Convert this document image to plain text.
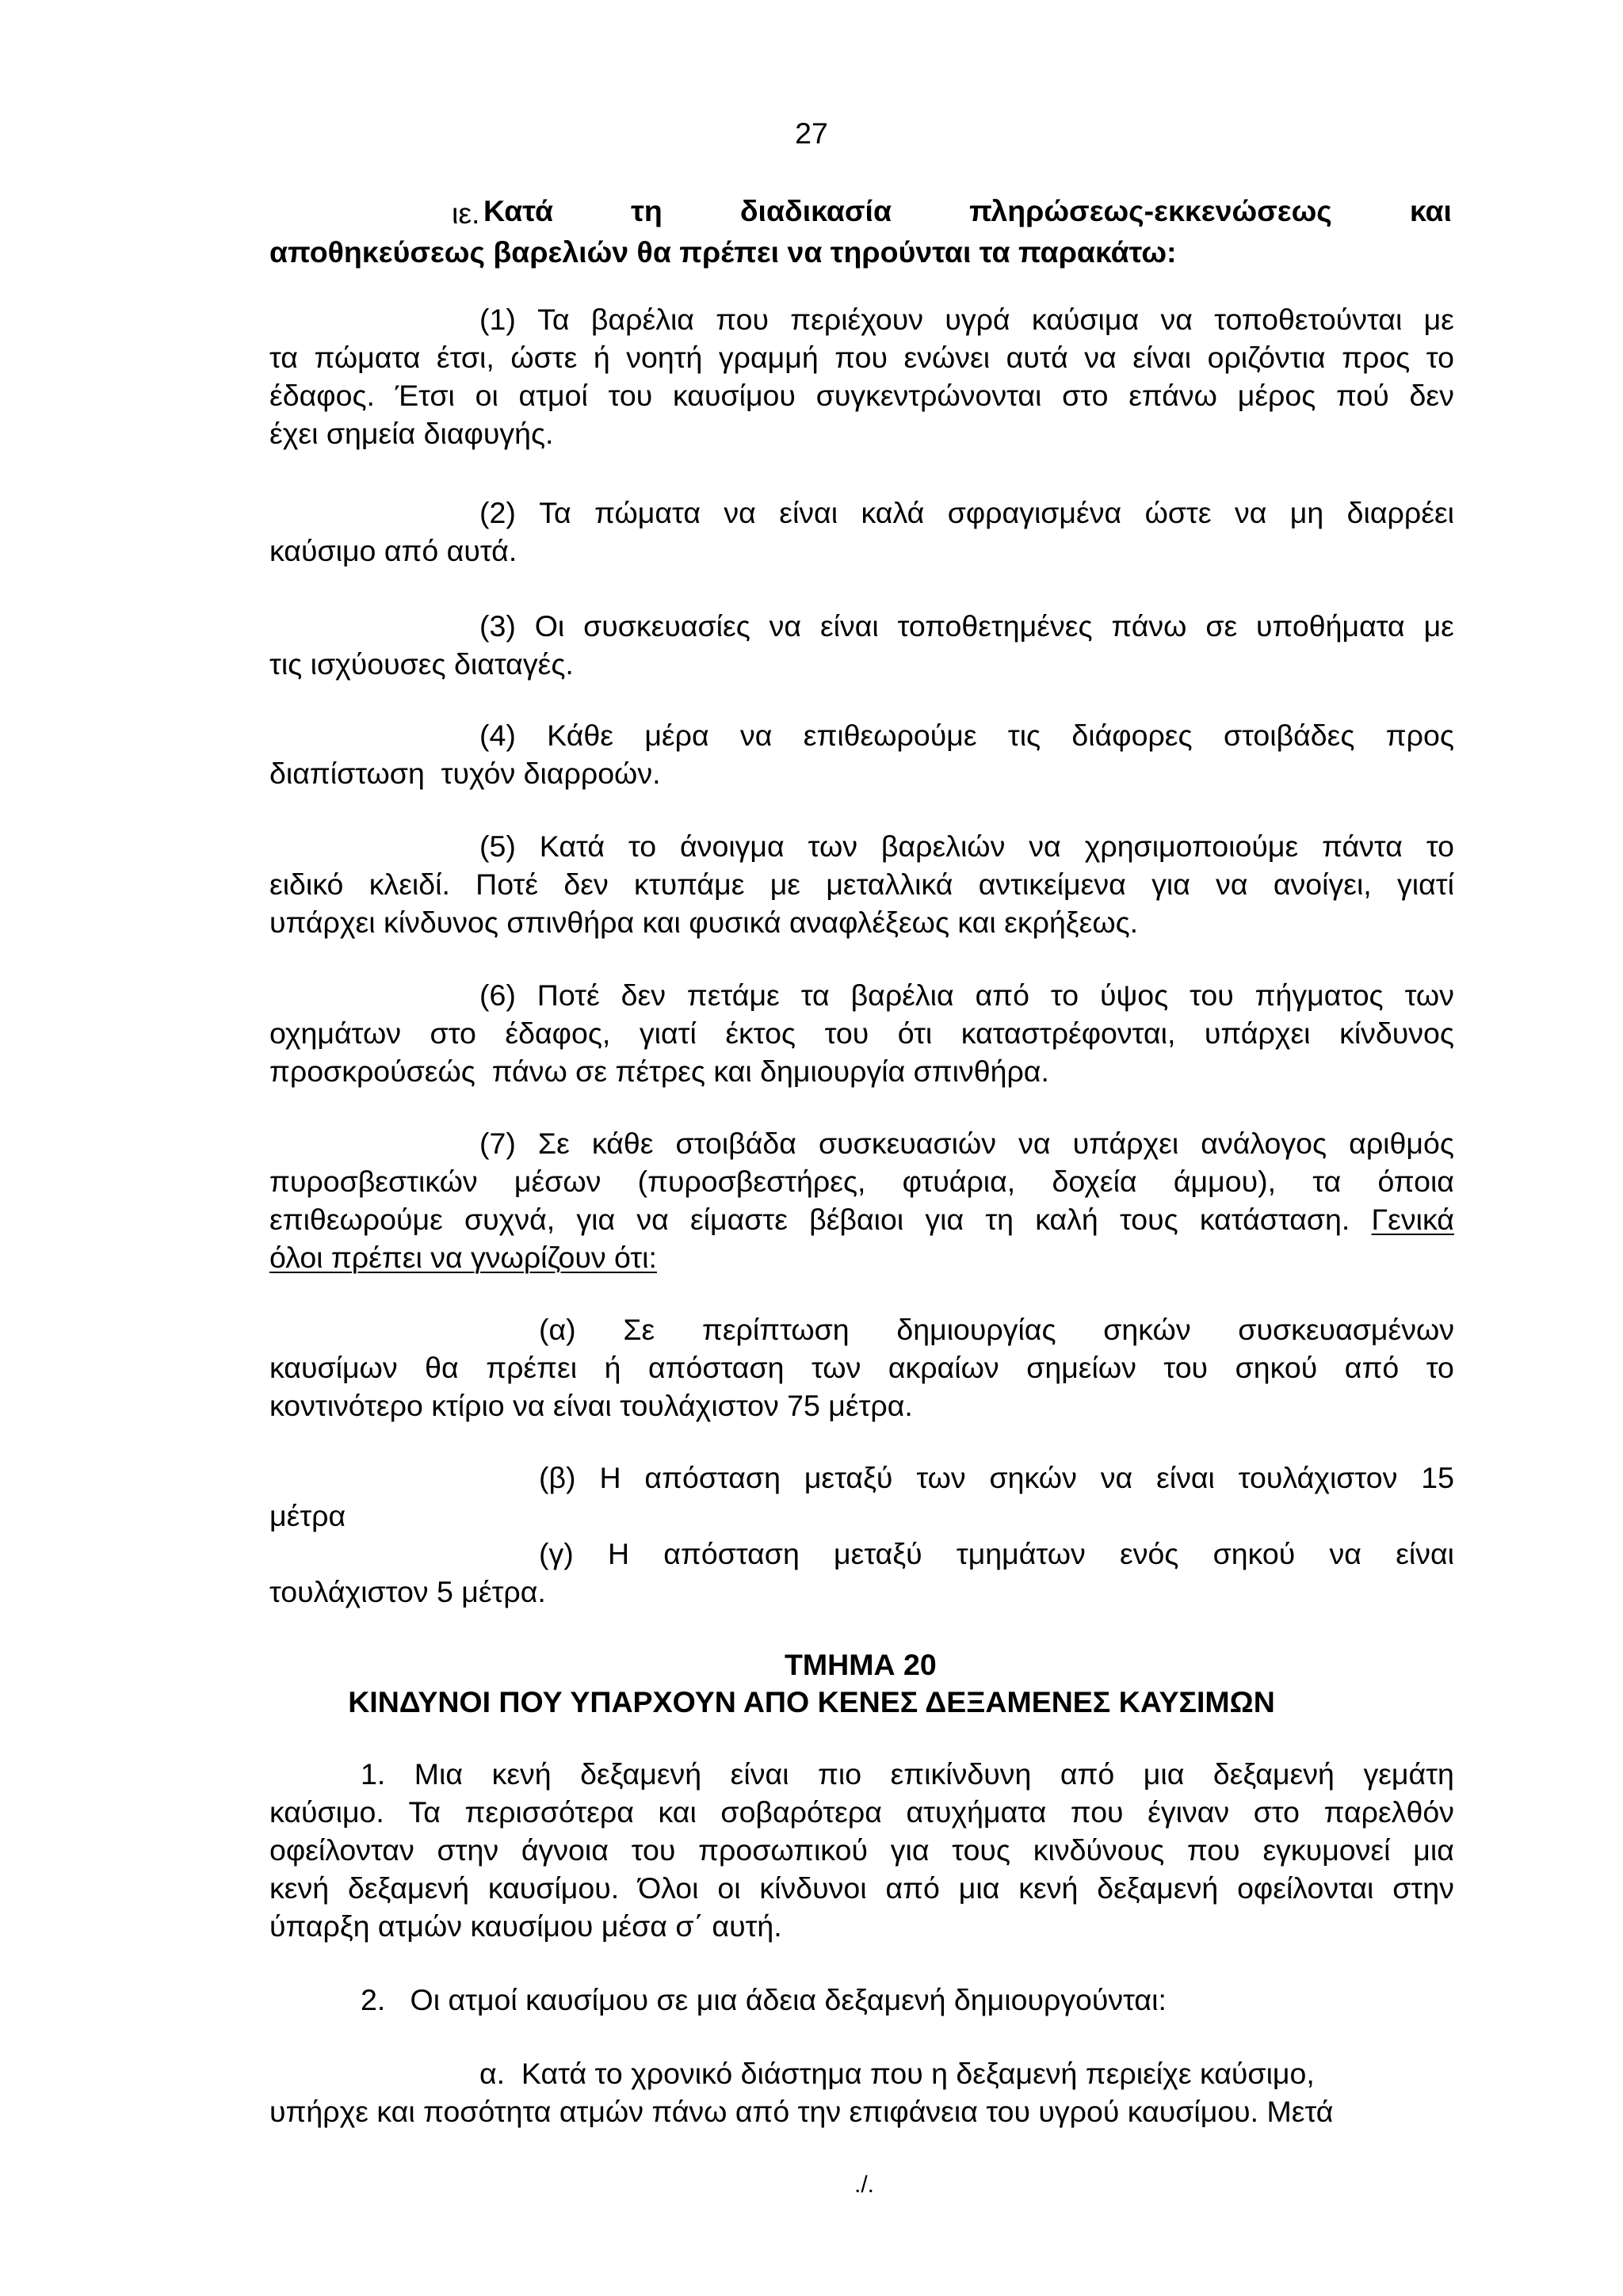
27
ιε. Κατά	τη	διαδικασία	πληρώσεως-εκκενώσεως	και
αποθηκεύσεως βαρελιών θα πρέπει να τηρούνται τα παρακάτω:
(1) Τα βαρέλια που περιέχουν υγρά καύσιμα να τοποθετούνται με
τα πώματα έτσι, ώστε ή νοητή γραμμή που ενώνει αυτά να είναι οριζόντια προς το
έδαφος. Έτσι οι ατμοί του καυσίμου συγκεντρώνονται στο επάνω μέρος πού δεν
έχει σημεία διαφυγής.
(2) Τα πώματα να είναι καλά σφραγισμένα ώστε να μη διαρρέει
καύσιμο από αυτά.
(3) Οι συσκευασίες να είναι τοποθετημένες πάνω σε υποθήματα με
τις ισχύουσες διαταγές.
(4) Κάθε μέρα να επιθεωρούμε τις διάφορες στοιβάδες προς
διαπίστωση  τυχόν διαρροών.
(5) Κατά το άνοιγμα των βαρελιών να χρησιμοποιούμε πάντα το
ειδικό κλειδί. Ποτέ δεν κτυπάμε με μεταλλικά αντικείμενα για να ανοίγει, γιατί
υπάρχει κίνδυνος σπινθήρα και φυσικά αναφλέξεως και εκρήξεως.
(6) Ποτέ δεν πετάμε τα βαρέλια από το ύψος του πήγματος των
οχημάτων στο έδαφος, γιατί έκτος του ότι καταστρέφονται, υπάρχει κίνδυνος
προσκρούσεώς  πάνω σε πέτρες και δημιουργία σπινθήρα.
(7) Σε κάθε στοιβάδα συσκευασιών να υπάρχει ανάλογος αριθμός
πυροσβεστικών μέσων (πυροσβεστήρες, φτυάρια, δοχεία άμμου), τα όποια
επιθεωρούμε συχνά, για να είμαστε βέβαιοι για τη καλή τους κατάσταση. Γενικά
όλοι πρέπει να γνωρίζουν ότι:
(α) Σε περίπτωση δημιουργίας σηκών συσκευασμένων
καυσίμων θα πρέπει ή απόσταση των ακραίων σημείων του σηκού από το
κοντινότερο κτίριο να είναι τουλάχιστον 75 μέτρα.
(β) Η απόσταση μεταξύ των σηκών να είναι τουλάχιστον 15
μέτρα
(γ) Η απόσταση μεταξύ τμημάτων ενός σηκού να είναι
τουλάχιστον 5 μέτρα.
ΤΜΗΜΑ 20
ΚΙΝΔΥΝΟΙ ΠΟΥ ΥΠΑΡΧΟΥΝ ΑΠΟ ΚΕΝΕΣ ΔΕΞΑΜΕΝΕΣ ΚΑΥΣΙΜΩΝ
1. Μια κενή δεξαμενή είναι πιο επικίνδυνη από μια δεξαμενή γεμάτη
καύσιμο. Τα περισσότερα και σοβαρότερα ατυχήματα που έγιναν στο παρελθόν
οφείλονταν στην άγνοια του προσωπικού για τους κινδύνους που εγκυμονεί μια
κενή δεξαμενή καυσίμου. Όλοι οι κίνδυνοι από μια κενή δεξαμενή οφείλονται στην
ύπαρξη ατμών καυσίμου μέσα σ΄ αυτή.
2.   Οι ατμοί καυσίμου σε μια άδεια δεξαμενή δημιουργούνται:
α.  Κατά το χρονικό διάστημα που η δεξαμενή περιείχε καύσιμο,
υπήρχε και ποσότητα ατμών πάνω από την επιφάνεια του υγρού καυσίμου. Μετά
./.
